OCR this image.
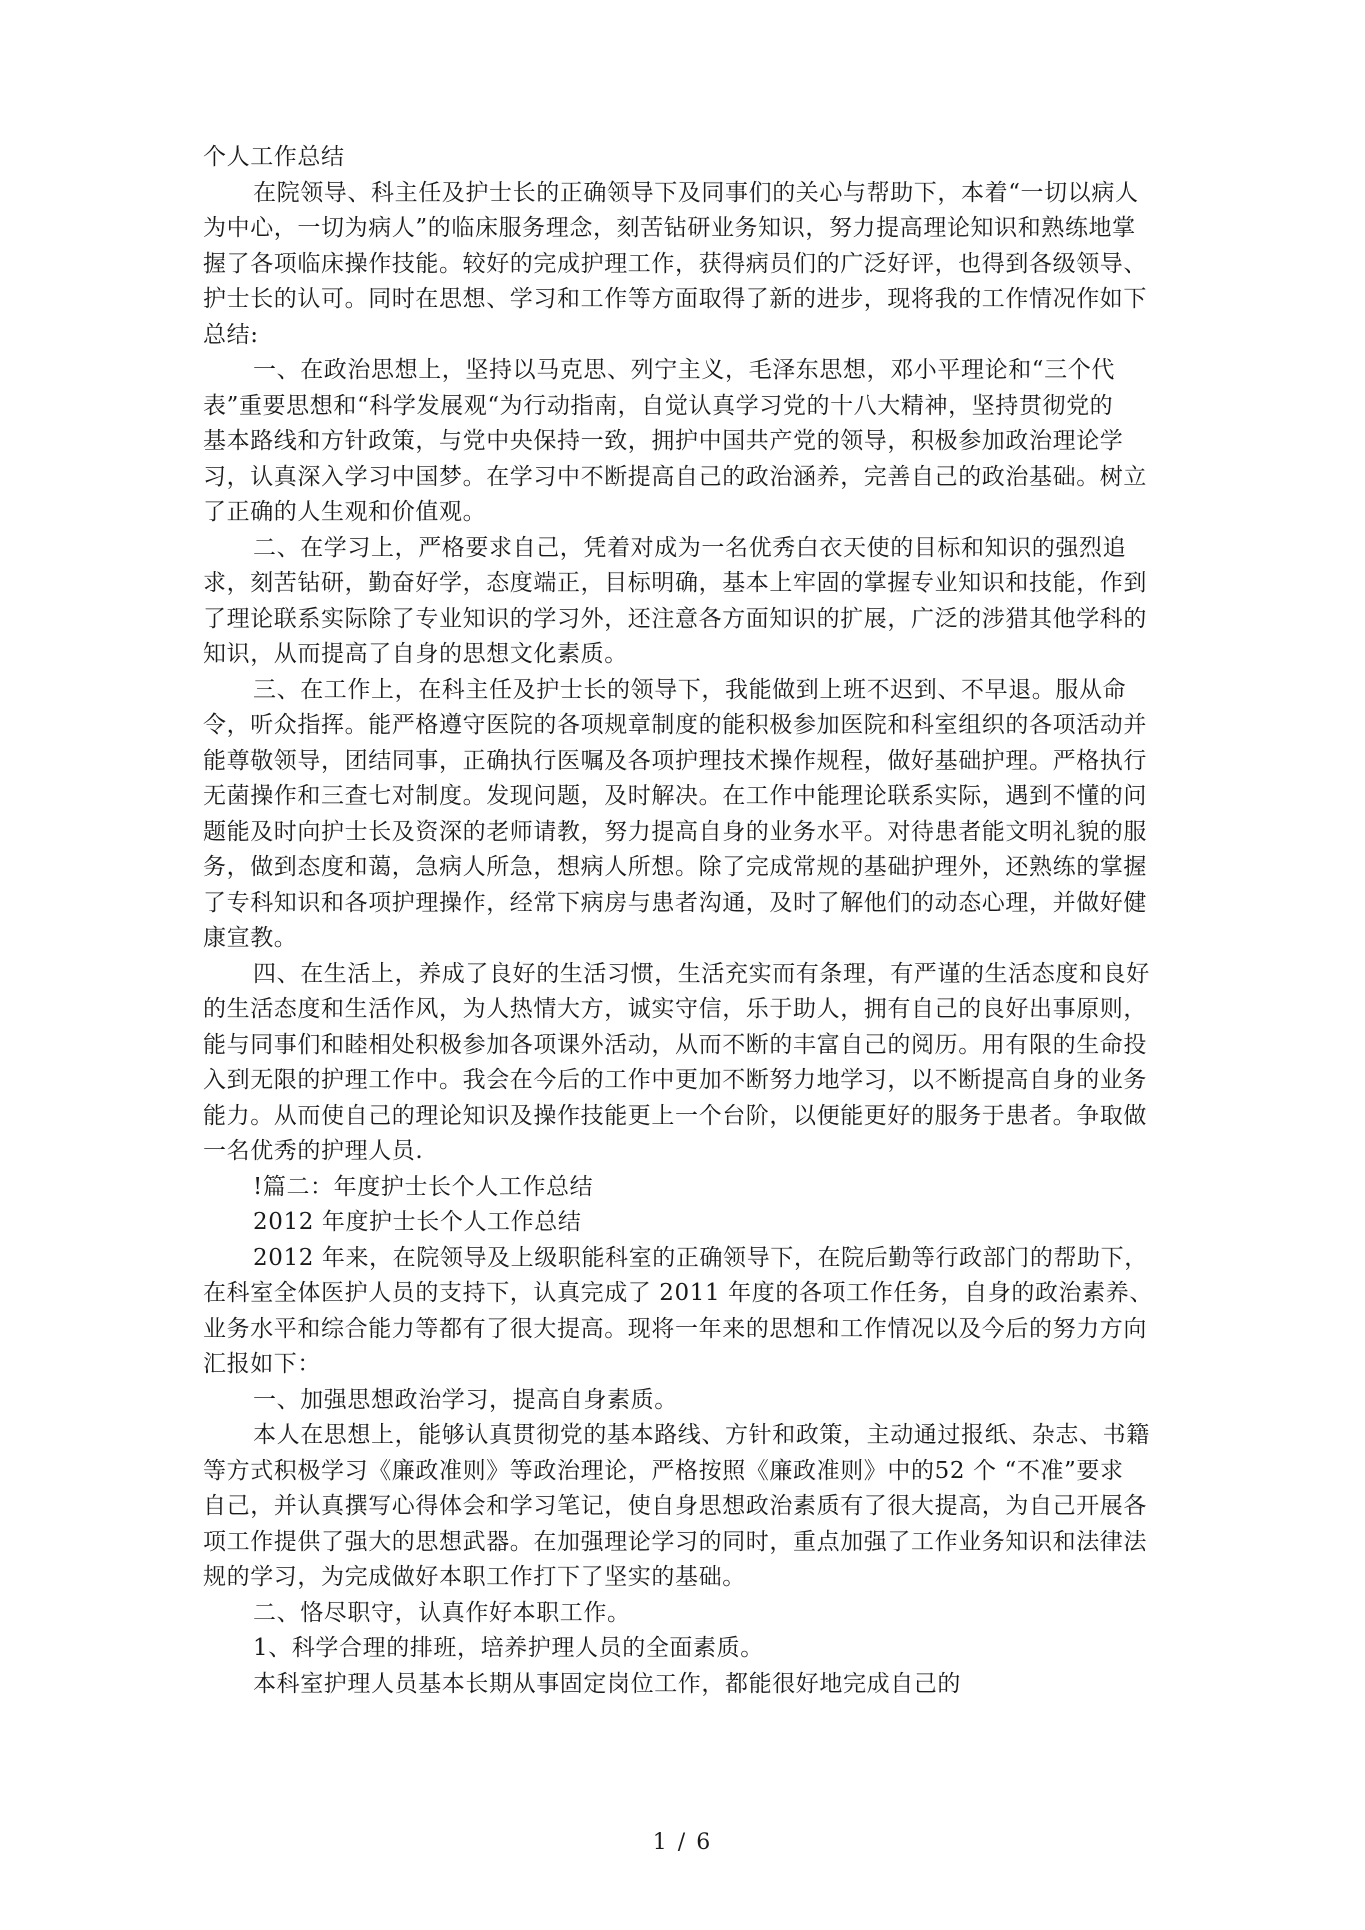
个人工作总结
在院领导、科主任及护士长的正确领导下及同事们的关心与帮助下，本着“一切以病人
为中心，一切为病人”的临床服务理念，刻苦钻研业务知识，努力提高理论知识和熟练地掌
握了各项临床操作技能。较好的完成护理工作，获得病员们的广泛好评，也得到各级领导、
护士长的认可。同时在思想、学习和工作等方面取得了新的进步，现将我的工作情况作如下
总结:
一、在政治思想上，坚持以马克思、列宁主义，毛泽东思想，邓小平理论和“三个代
表”重要思想和“科学发展观“为行动指南，自觉认真学习党的十八大精神，坚持贯彻党的
基本路线和方针政策，与党中央保持一致，拥护中国共产党的领导，积极参加政治理论学
习，认真深入学习中国梦。在学习中不断提高自己的政治涵养，完善自己的政治基础。树立
了正确的人生观和价值观。
二、在学习上，严格要求自己，凭着对成为一名优秀白衣天使的目标和知识的强烈追
求，刻苦钻研，勤奋好学，态度端正，目标明确，基本上牢固的掌握专业知识和技能，作到
了理论联系实际除了专业知识的学习外，还注意各方面知识的扩展，广泛的涉猎其他学科的
知识，从而提高了自身的思想文化素质。
三、在工作上，在科主任及护士长的领导下，我能做到上班不迟到、不早退。服从命
令，听众指挥。能严格遵守医院的各项规章制度的能积极参加医院和科室组织的各项活动并
能尊敬领导，团结同事，正确执行医嘱及各项护理技术操作规程，做好基础护理。严格执行
无菌操作和三查七对制度。发现问题，及时解决。在工作中能理论联系实际，遇到不懂的问
题能及时向护士长及资深的老师请教，努力提高自身的业务水平。对待患者能文明礼貌的服
务，做到态度和蔼，急病人所急，想病人所想。除了完成常规的基础护理外，还熟练的掌握
了专科知识和各项护理操作，经常下病房与患者沟通，及时了解他们的动态心理，并做好健
康宣教。
四、在生活上，养成了良好的生活习惯，生活充实而有条理，有严谨的生活态度和良好
的生活态度和生活作风，为人热情大方，诚实守信，乐于助人，拥有自己的良好出事原则，
能与同事们和睦相处积极参加各项课外活动，从而不断的丰富自己的阅历。用有限的生命投
入到无限的护理工作中。我会在今后的工作中更加不断努力地学习，以不断提高自身的业务
能力。从而使自己的理论知识及操作技能更上一个台阶，以便能更好的服务于患者。争取做
一名优秀的护理人员.
!篇二：年度护士长个人工作总结
2012 年度护士长个人工作总结
2012 年来，在院领导及上级职能科室的正确领导下，在院后勤等行政部门的帮助下，
在科室全体医护人员的支持下，认真完成了 2011 年度的各项工作任务，自身的政治素养、
业务水平和综合能力等都有了很大提高。现将一年来的思想和工作情况以及今后的努力方向
汇报如下：
一、加强思想政治学习，提高自身素质。
本人在思想上，能够认真贯彻党的基本路线、方针和政策，主动通过报纸、杂志、书籍
等方式积极学习《廉政准则》等政治理论，严格按照《廉政准则》中的52 个 “不准”要求
自己，并认真撰写心得体会和学习笔记，使自身思想政治素质有了很大提高，为自己开展各
项工作提供了强大的思想武器。在加强理论学习的同时，重点加强了工作业务知识和法律法
规的学习，为完成做好本职工作打下了坚实的基础。
二、恪尽职守，认真作好本职工作。
1、科学合理的排班，培养护理人员的全面素质。
本科室护理人员基本长期从事固定岗位工作，都能很好地完成自己的
1 / 6
